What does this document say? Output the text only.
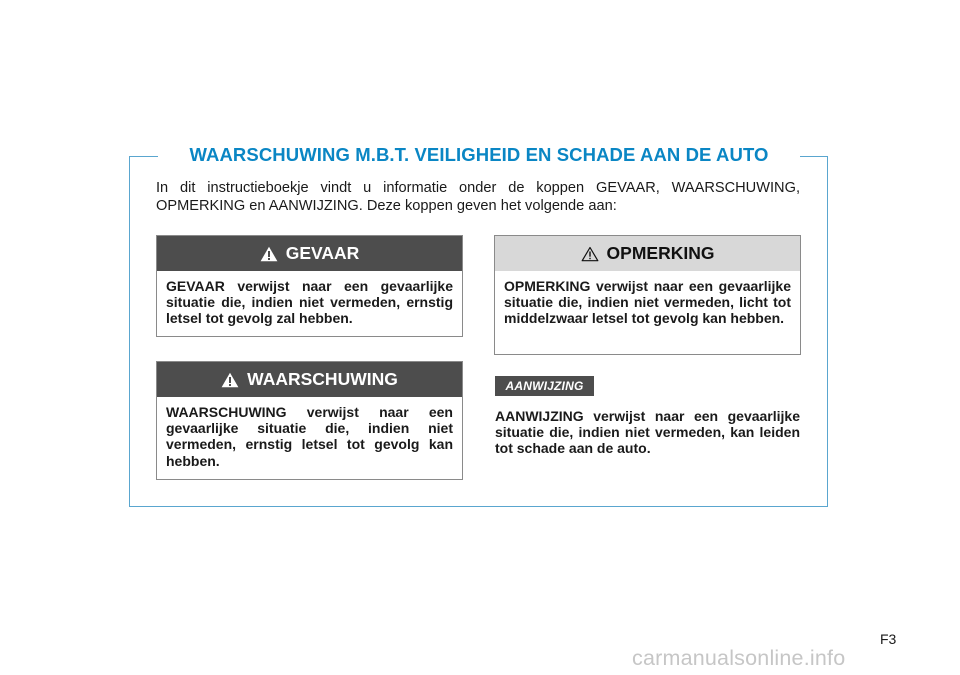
WAARSCHUWING M.B.T. VEILIGHEID EN SCHADE AAN DE AUTO
In dit instructieboekje vindt u informatie onder de koppen GEVAAR, WAARSCHUWING, OPMERKING en AANWIJZING. Deze koppen geven het volgende aan:
GEVAAR
GEVAAR verwijst naar een gevaarlijke situatie die, indien niet vermeden, ernstig letsel tot gevolg zal hebben.
WAARSCHUWING
WAARSCHUWING verwijst naar een gevaarlijke situatie die, indien niet vermeden, ernstig letsel tot gevolg kan hebben.
OPMERKING
OPMERKING verwijst naar een gevaarlijke situatie die, indien niet vermeden, licht tot middelzwaar letsel tot gevolg kan hebben.
AANWIJZING
AANWIJZING verwijst naar een gevaarlijke situatie die, indien niet vermeden, kan leiden tot schade aan de auto.
F3
carmanualsonline.info
